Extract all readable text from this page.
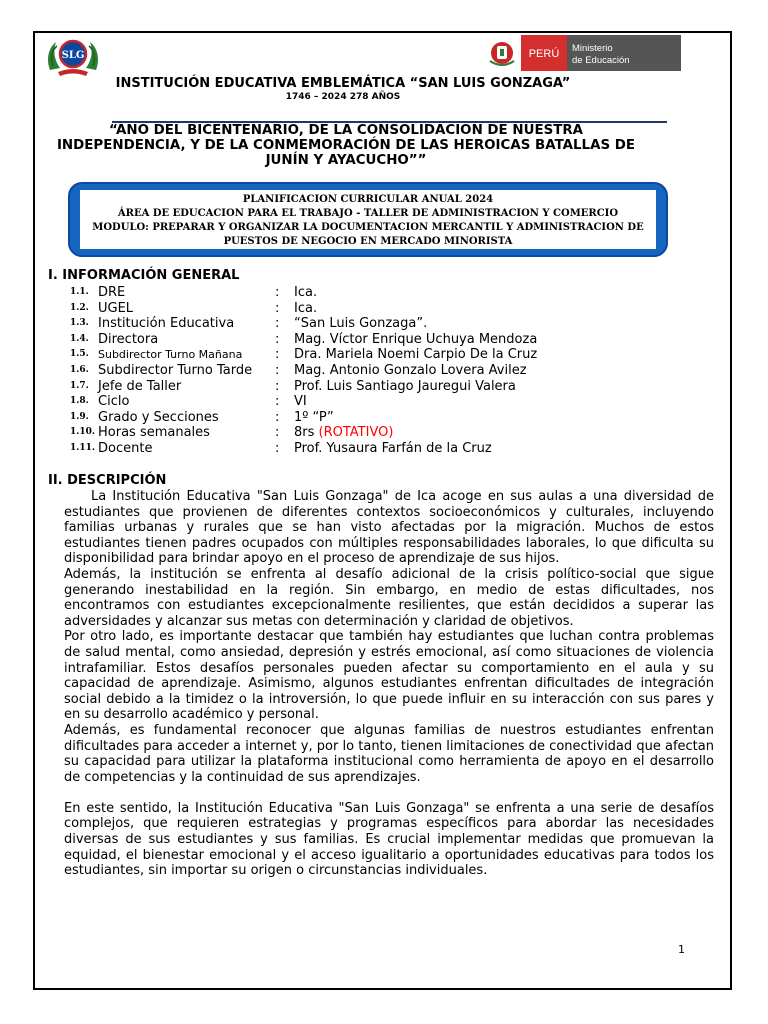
SLG	PERÚ Ministerio
de Educación
INSTITUCIÓN EDUCATIVA EMBLEMÁTICA “SAN LUIS GONZAGA”
1746 – 2024 278 AÑOS
“ANO DEL BICENTENARIO, DE LA CONSOLIDACION DE NUESTRA INDEPENDENCIA, Y DE LA CONMEMORACIÓN DE LAS HEROICAS BATALLAS DE JUNÍN Y AYACUCHO””
PLANIFICACION CURRICULAR ANUAL 2024
ÁREA DE EDUCACION PARA EL TRABAJO - TALLER DE ADMINISTRACION Y COMERCIO
MODULO: PREPARAR Y ORGANIZAR LA DOCUMENTACION MERCANTIL Y ADMINISTRACION DE PUESTOS DE NEGOCIO EN MERCADO MINORISTA
I. INFORMACIÓN GENERAL
1.1. DRE	: Ica.
1.2. UGEL	: Ica.
1.3. Institución Educativa	: “San Luis Gonzaga”.
1.4. Directora	: Mag. Víctor Enrique Uchuya Mendoza
1.5. Subdirector Turno Mañana	: Dra. Mariela Noemi Carpio De la Cruz
1.6. Subdirector Turno Tarde : Mag. Antonio Gonzalo Lovera Avilez
1.7. Jefe de Taller	: Prof. Luis Santiago Jauregui Valera
1.8. Ciclo	: VI
1.9. Grado y Secciones	: 1º “P”
1.10. Horas semanales	: 8rs (ROTATIVO)
1.11. Docente	: Prof. Yusaura Farfán de la Cruz
II. DESCRIPCIÓN

La Institución Educativa "San Luis Gonzaga" de Ica acoge en sus aulas a una diversidad de estudiantes que provienen de diferentes contextos socioeconómicos y culturales, incluyendo familias urbanas y rurales que se han visto afectadas por la migración. Muchos de estos estudiantes tienen padres ocupados con múltiples responsabilidades laborales, lo que dificulta su disponibilidad para brindar apoyo en el proceso de aprendizaje de sus hijos.

Además, la institución se enfrenta al desafío adicional de la crisis político-social que sigue generando inestabilidad en la región. Sin embargo, en medio de estas dificultades, nos encontramos con estudiantes excepcionalmente resilientes, que están decididos a superar las adversidades y alcanzar sus metas con determinación y claridad de objetivos.

Por otro lado, es importante destacar que también hay estudiantes que luchan contra problemas de salud mental, como ansiedad, depresión y estrés emocional, así como situaciones de violencia intrafamiliar. Estos desafíos personales pueden afectar su comportamiento en el aula y su capacidad de aprendizaje. Asimismo, algunos estudiantes enfrentan dificultades de integración social debido a la timidez o la introversión, lo que puede influir en su interacción con sus pares y en su desarrollo académico y personal.

Además, es fundamental reconocer que algunas familias de nuestros estudiantes enfrentan dificultades para acceder a internet y, por lo tanto, tienen limitaciones de conectividad que afectan su capacidad para utilizar la plataforma institucional como herramienta de apoyo en el desarrollo de competencias y la continuidad de sus aprendizajes.

En este sentido, la Institución Educativa "San Luis Gonzaga" se enfrenta a una serie de desafíos complejos, que requieren estrategias y programas específicos para abordar las necesidades diversas de sus estudiantes y sus familias. Es crucial implementar medidas que promuevan la equidad, el bienestar emocional y el acceso igualitario a oportunidades educativas para todos los estudiantes, sin importar su origen o circunstancias individuales.

1
